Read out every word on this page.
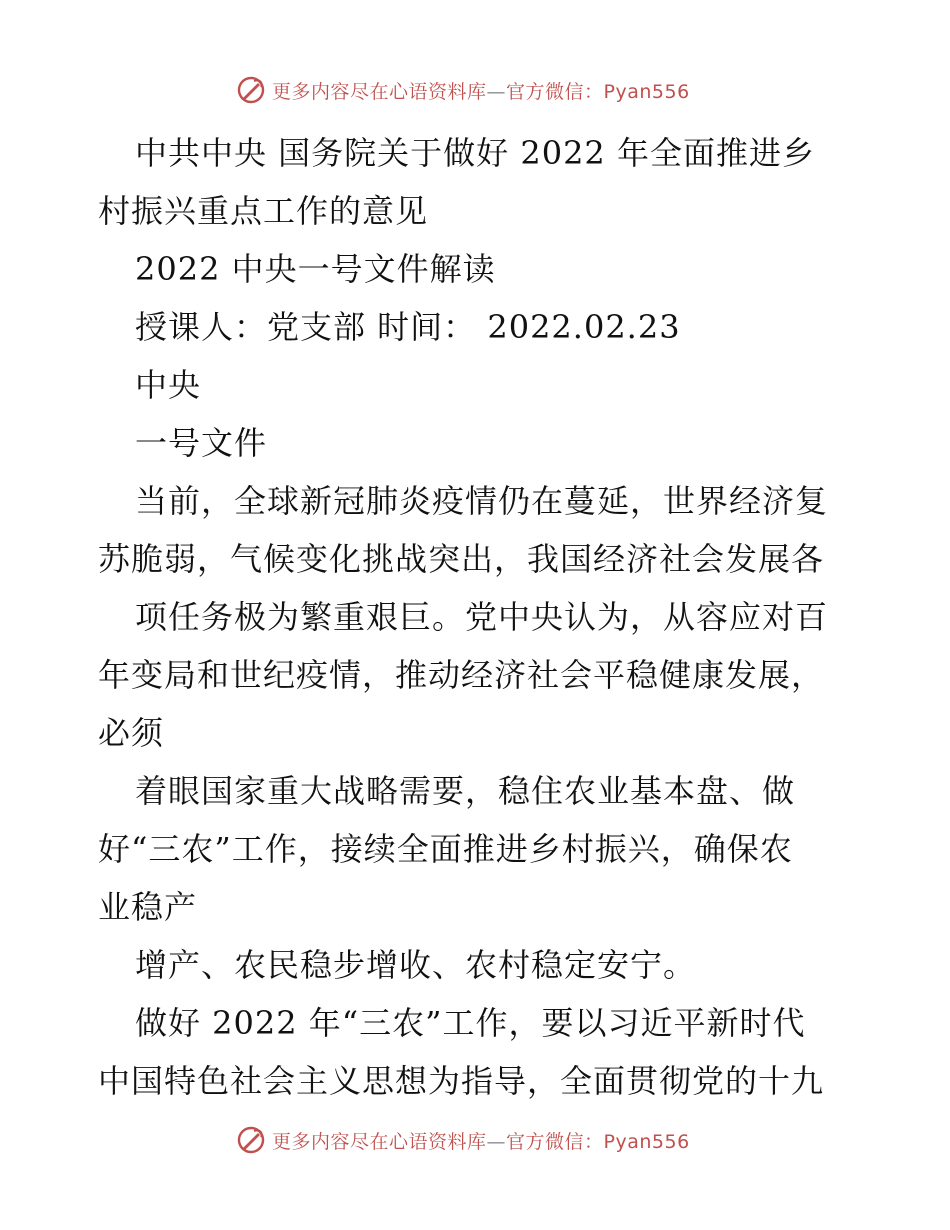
更多内容尽在心语资料库—官方微信：Pyan556
中共中央 国务院关于做好 2022 年全面推进乡
村振兴重点工作的意见
2022 中央一号文件解读
授课人：党支部 时间： 2022.02.23
中央
一号文件
当前，全球新冠肺炎疫情仍在蔓延，世界经济复
苏脆弱，气候变化挑战突出，我国经济社会发展各
项任务极为繁重艰巨。党中央认为，从容应对百
年变局和世纪疫情，推动经济社会平稳健康发展，
必须
着眼国家重大战略需要，稳住农业基本盘、做
好“三农”工作，接续全面推进乡村振兴，确保农
业稳产
增产、农民稳步增收、农村稳定安宁。
做好 2022 年“三农”工作，要以习近平新时代
中国特色社会主义思想为指导，全面贯彻党的十九
更多内容尽在心语资料库—官方微信：Pyan556
